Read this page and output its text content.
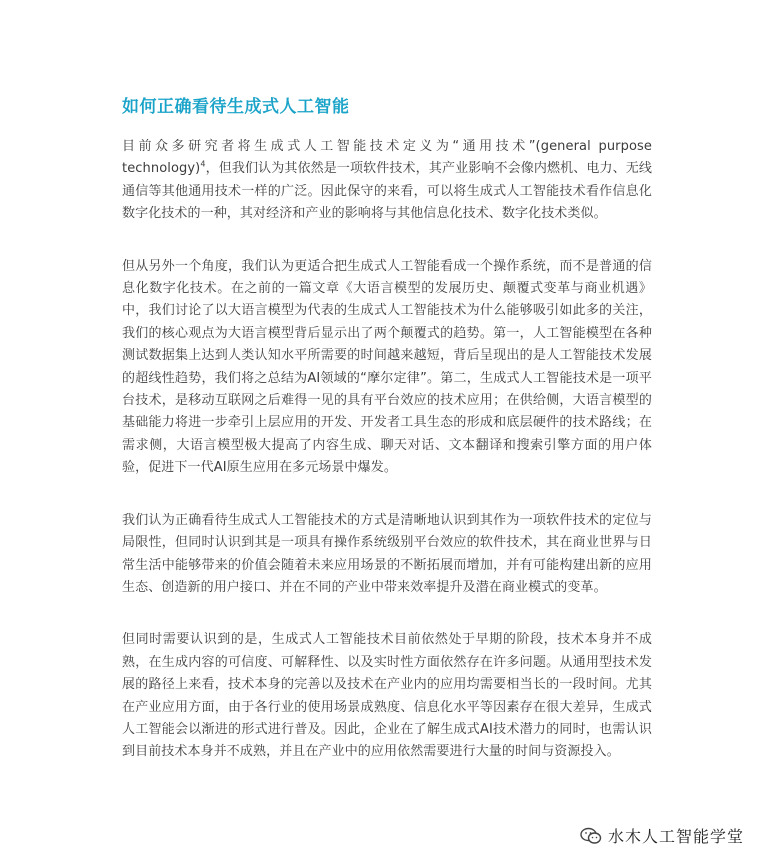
如何正确看待生成式人工智能

目前众多研究者将生成式人工智能技术定义为“通用技术”(general purpose technology)$^4$，但我们认为其依然是一项软件技术，其产业影响不会像内燃机、电力、无线通信等其他通用技术一样的广泛。因此保守的来看，可以将生成式人工智能技术看作信息化数字化技术的一种，其对经济和产业的影响将与其他信息化技术、数字化技术类似。

但从另外一个角度，我们认为更适合把生成式人工智能看成一个操作系统，而不是普通的信息化数字化技术。在之前的一篇文章《大语言模型的发展历史、颠覆式变革与商业机遇》中，我们讨论了以大语言模型为代表的生成式人工智能技术为什么能够吸引如此多的关注，我们的核心观点为大语言模型背后显示出了两个颠覆式的趋势。第一，人工智能模型在各种测试数据集上达到人类认知水平所需要的时间越来越短，背后呈现出的是人工智能技术发展的超线性趋势，我们将之总结为AI领域的“摩尔定律”。第二，生成式人工智能技术是一项平台技术，是移动互联网之后难得一见的具有平台效应的技术应用；在供给侧，大语言模型的基础能力将进一步牵引上层应用的开发、开发者工具生态的形成和底层硬件的技术路线；在需求侧，大语言模型极大提高了内容生成、聊天对话、文本翻译和搜索引擎方面的用户体验，促进下一代AI原生应用在多元场景中爆发。

我们认为正确看待生成式人工智能技术的方式是清晰地认识到其作为一项软件技术的定位与局限性，但同时认识到其是一项具有操作系统级别平台效应的软件技术，其在商业世界与日常生活中能够带来的价值会随着未来应用场景的不断拓展而增加，并有可能构建出新的应用生态、创造新的用户接口、并在不同的产业中带来效率提升及潜在商业模式的变革。

但同时需要认识到的是，生成式人工智能技术目前依然处于早期的阶段，技术本身并不成熟，在生成内容的可信度、可解释性、以及实时性方面依然存在许多问题。从通用型技术发展的路径上来看，技术本身的完善以及技术在产业内的应用均需要相当长的一段时间。尤其在产业应用方面，由于各行业的使用场景成熟度、信息化水平等因素存在很大差异，生成式人工智能会以渐进的形式进行普及。因此，企业在了解生成式AI技术潜力的同时，也需认识到目前技术本身并不成熟，并且在产业中的应用依然需要进行大量的时间与资源投入。

水木人工智能学堂
